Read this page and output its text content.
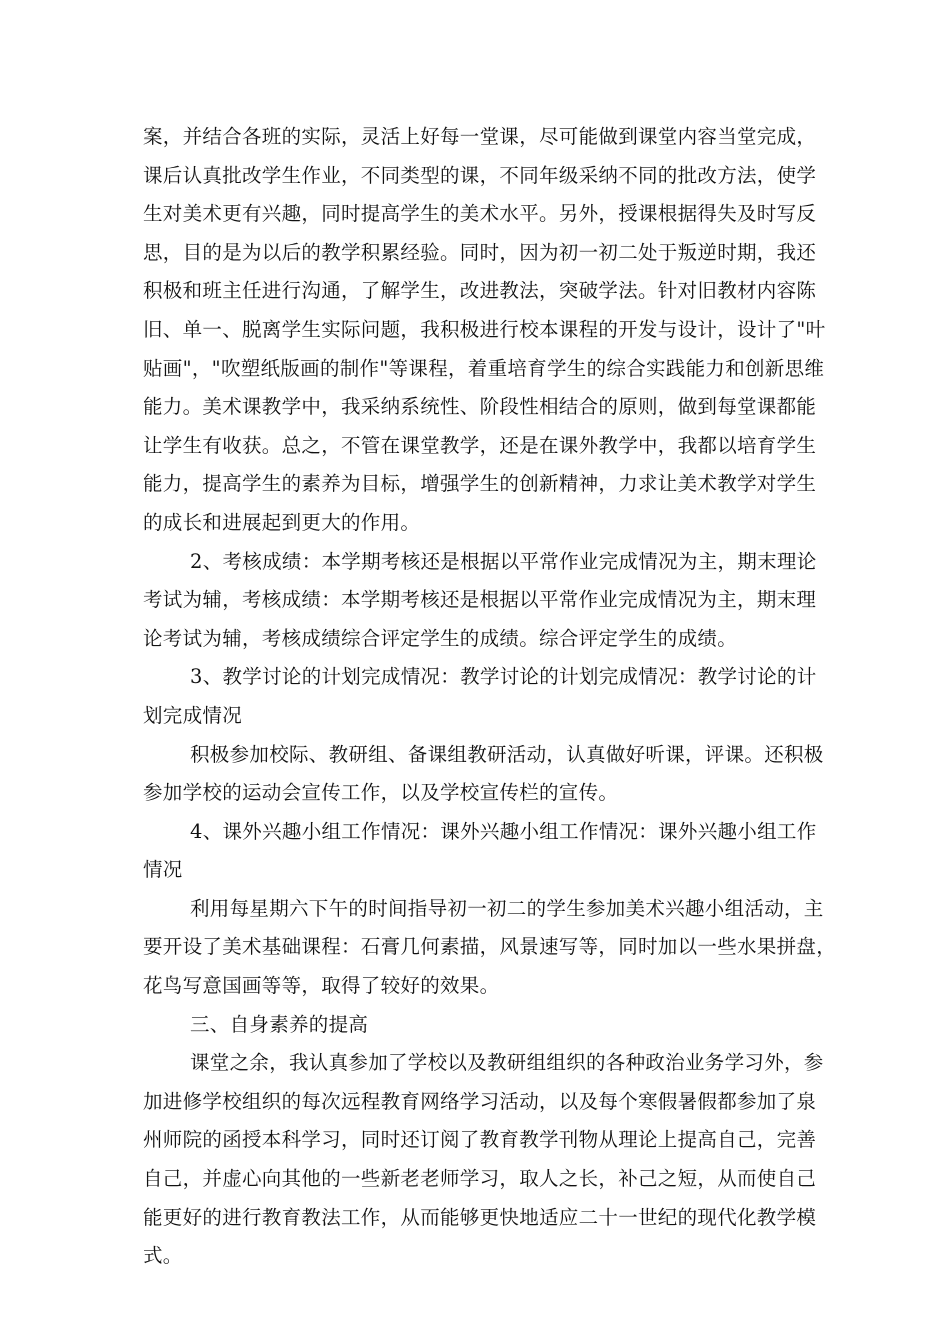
案，并结合各班的实际，灵活上好每一堂课，尽可能做到课堂内容当堂完成，
课后认真批改学生作业，不同类型的课，不同年级采纳不同的批改方法，使学
生对美术更有兴趣，同时提高学生的美术水平。另外，授课根据得失及时写反
思，目的是为以后的教学积累经验。同时，因为初一初二处于叛逆时期，我还
积极和班主任进行沟通，了解学生，改进教法，突破学法。针对旧教材内容陈
旧、单一、脱离学生实际问题，我积极进行校本课程的开发与设计，设计了"叶
贴画"，"吹塑纸版画的制作"等课程，着重培育学生的综合实践能力和创新思维
能力。美术课教学中，我采纳系统性、阶段性相结合的原则，做到每堂课都能
让学生有收获。总之，不管在课堂教学，还是在课外教学中，我都以培育学生
能力，提高学生的素养为目标，增强学生的创新精神，力求让美术教学对学生
的成长和进展起到更大的作用。
2、考核成绩：本学期考核还是根据以平常作业完成情况为主，期末理论
考试为辅，考核成绩：本学期考核还是根据以平常作业完成情况为主，期末理
论考试为辅，考核成绩综合评定学生的成绩。综合评定学生的成绩。
3、教学讨论的计划完成情况：教学讨论的计划完成情况：教学讨论的计
划完成情况
积极参加校际、教研组、备课组教研活动，认真做好听课，评课。还积极
参加学校的运动会宣传工作，以及学校宣传栏的宣传。
4、课外兴趣小组工作情况：课外兴趣小组工作情况：课外兴趣小组工作
情况
利用每星期六下午的时间指导初一初二的学生参加美术兴趣小组活动，主
要开设了美术基础课程：石膏几何素描，风景速写等，同时加以一些水果拼盘，
花鸟写意国画等等，取得了较好的效果。
三、自身素养的提高
课堂之余，我认真参加了学校以及教研组组织的各种政治业务学习外，参
加进修学校组织的每次远程教育网络学习活动，以及每个寒假暑假都参加了泉
州师院的函授本科学习，同时还订阅了教育教学刊物从理论上提高自己，完善
自己，并虚心向其他的一些新老老师学习，取人之长，补己之短，从而使自己
能更好的进行教育教法工作，从而能够更快地适应二十一世纪的现代化教学模
式。
